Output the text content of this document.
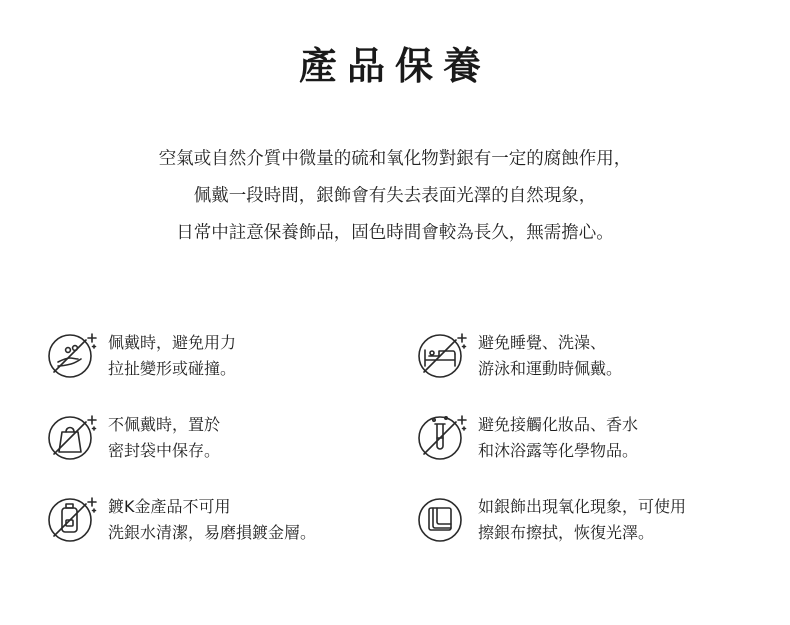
產品保養
空氣或自然介質中微量的硫和氧化物對銀有一定的腐蝕作用，
佩戴一段時間，銀飾會有失去表面光澤的自然現象，
日常中註意保養飾品，固色時間會較為長久，無需擔心。
佩戴時，避免用力
拉扯變形或碰撞。
避免睡覺、洗澡、
游泳和運動時佩戴。
不佩戴時，置於
密封袋中保存。
避免接觸化妝品、香水
和沐浴露等化學物品。
鍍K金產品不可用
洗銀水清潔，易磨損鍍金層。
如銀飾出現氧化現象，可使用
擦銀布擦拭，恢復光澤。
